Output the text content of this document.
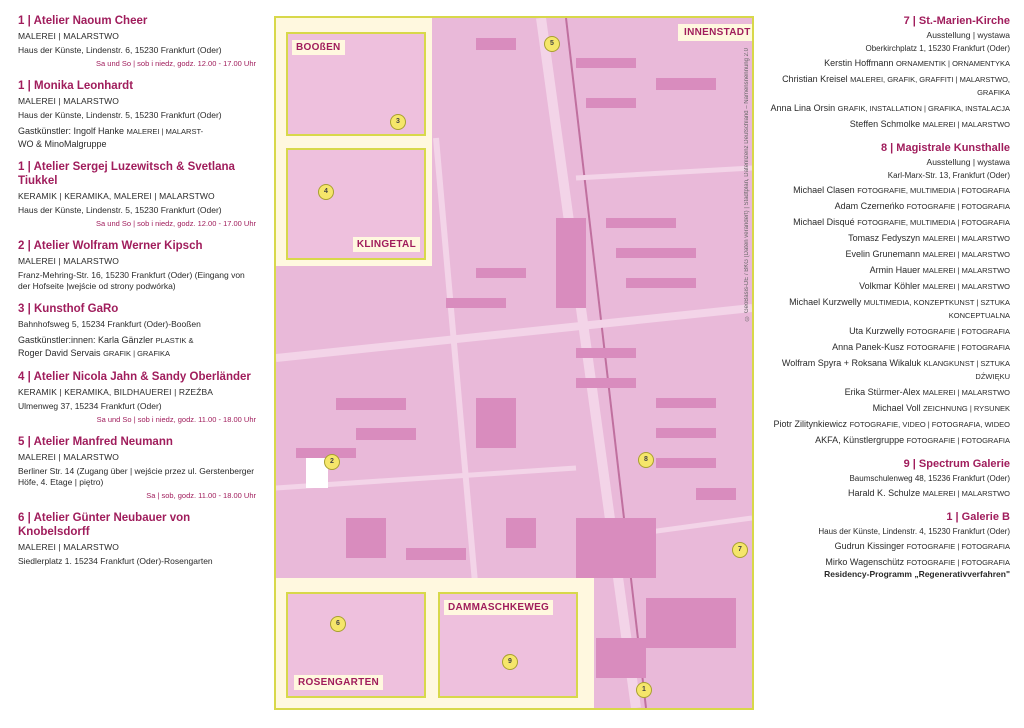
1 | Atelier Naoum Cheer
MALEREI | MALARSTWO
Haus der Künste, Lindenstr. 6, 15230 Frankfurt (Oder)
Sa und So | sob i niedz, godz. 12.00 - 17.00 Uhr
1 | Monika Leonhardt
MALEREI | MALARSTWO
Haus der Künste, Lindenstr. 5, 15230 Frankfurt (Oder)
Gastkünstler: Ingolf Hanke MALEREI | MALARST-
WO & MinoMalgruppe
1 | Atelier Sergej Luzewitsch & Svetlana Tiukkel
KERAMIK | KERAMIKA, MALEREI | MALARSTWO
Haus der Künste, Lindenstr. 5, 15230 Frankfurt (Oder)
Sa und So | sob i niedz, godz. 12.00 - 17.00 Uhr
2 | Atelier Wolfram Werner Kipsch
MALEREI | MALARSTWO
Franz-Mehring-Str. 16, 15230 Frankfurt (Oder) (Eingang von der Hofseite |wejście od strony podwórka)
3 | Kunsthof GaRo
Bahnhofsweg 5, 15234 Frankfurt (Oder)-Booßen
Gastkünstler:innen: Karla Gänzler PLASTIK &
Roger David Servais GRAFIK | GRAFIKA
4 | Atelier Nicola Jahn & Sandy Oberländer
KERAMIK | KERAMIKA, BILDHAUEREI | RZEŹBA
Ulmenweg 37, 15234 Frankfurt (Oder)
Sa und So | sob i niedz, godz. 11.00 - 18.00 Uhr
5 | Atelier Manfred Neumann
MALEREI | MALARSTWO
Berliner Str. 14 (Zugang über | wejście przez ul. Gerstenberger Höfe, 4. Etage | piętro)
Sa | sob, godz. 11.00 - 18.00 Uhr
6 | Atelier Günter Neubauer von Knobelsdorff
MALEREI | MALARSTWO
Siedlerplatz 1. 15234 Frankfurt (Oder)-Rosengarten
INNENSTADT
© GeoBasis-DE / BKG (Daten verändert) | Stadtplan, Datenlizenz Deutschland – Namensnennung 2.0
BOOßEN
3
KLINGETAL
4
ROSENGARTEN
6
DAMMASCHKEWEG
9
5
2	8
7
1
7 | St.-Marien-Kirche
Ausstellung | wystawa
Oberkirchplatz 1, 15230 Frankfurt (Oder)
Kerstin Hoffmann ORNAMENTIK | ORNAMENTYKA
Christian Kreisel MALEREI, GRAFIK, GRAFFITI | MALARSTWO, GRAFIKA
Anna Lina Orsin GRAFIK, INSTALLATION | GRAFIKA, INSTALACJA
Steffen Schmolke MALEREI | MALARSTWO
8 | Magistrale Kunsthalle
Ausstellung | wystawa
Karl-Marx-Str. 13, Frankfurt (Oder)
Michael Clasen FOTOGRAFIE, MULTIMEDIA | FOTOGRAFIA
Adam Czerneńko FOTOGRAFIE | FOTOGRAFIA
Michael Disqué FOTOGRAFIE, MULTIMEDIA | FOTOGRAFIA
Tomasz Fedyszyn MALEREI | MALARSTWO
Evelin Grunemann MALEREI | MALARSTWO
Armin Hauer MALEREI | MALARSTWO
Volkmar Köhler MALEREI | MALARSTWO
Michael Kurzwelly MULTIMEDIA, KONZEPTKUNST | SZTUKA KONCEPTUALNA
Uta Kurzwelly FOTOGRAFIE | FOTOGRAFIA
Anna Panek-Kusz FOTOGRAFIE | FOTOGRAFIA
Wolfram Spyra + Roksana Wikaluk KLANGKUNST | SZTUKA DŹWIĘKU
Erika Stürmer-Alex MALEREI | MALARSTWO
Michael Voll ZEICHNUNG | RYSUNEK
Piotr Zilitynkiewicz FOTOGRAFIE, VIDEO | FOTOGRAFIA, WIDEO
AKFA, Künstlergruppe FOTOGRAFIE | FOTOGRAFIA
9 | Spectrum Galerie
Baumschulenweg 48, 15236 Frankfurt (Oder)
Harald K. Schulze MALEREI | MALARSTWO
1 | Galerie B
Haus der Künste, Lindenstr. 4, 15230 Frankfurt (Oder)
Gudrun Kissinger FOTOGRAFIE | FOTOGRAFIA
Mirko Wagenschütz FOTOGRAFIE | FOTOGRAFIA
Residency-Programm „Regenerativverfahren"
